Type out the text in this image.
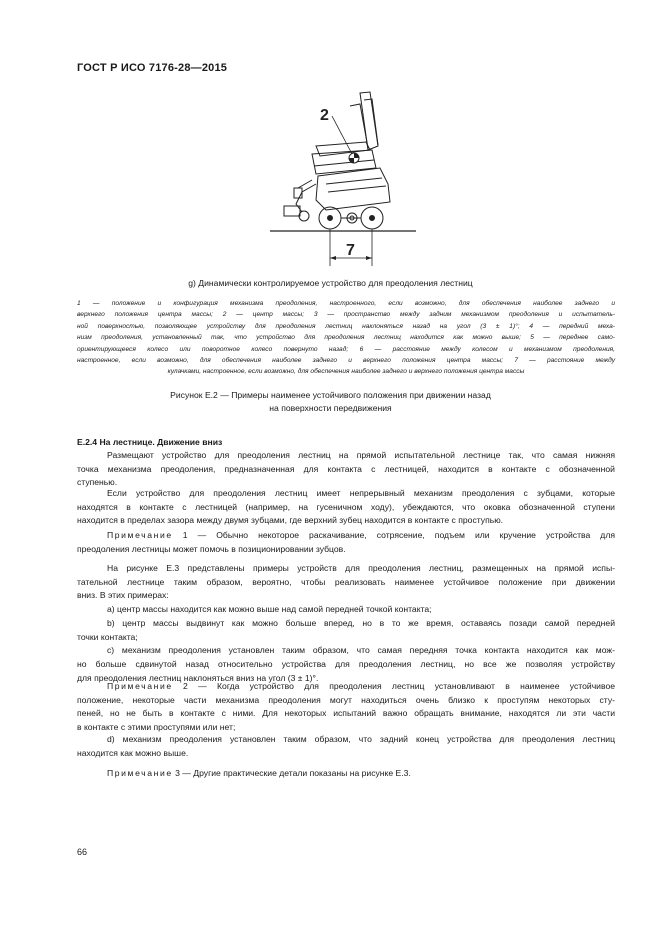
ГОСТ Р ИСО 7176-28—2015
2
7
g) Динамически контролируемое устройство для преодоления лестниц
1 — положение и конфигурация механизма преодоления, настроенного, если возможно, для обеспечения наиболее заднего и
верхнего положения центра массы; 2 — центр массы; 3 — пространство между задним механизмом преодоления и испытатель-
ной поверхностью, позволяющее устройству для преодоления лестниц наклоняться назад на угол (3 ± 1)°; 4 — передний меха-
низм преодоления, установленный так, что устройство для преодоления лестниц находится как можно выше; 5 — переднее само-
ориентирующееся колесо или поворотное колесо повернуто назад; 6 — расстояние между колесом и механизмом преодоления,
настроенное, если возможно, для обеспечения наиболее заднего и верхнего положения центра массы; 7 — расстояние между
кулачками, настроенное, если возможно, для обеспечения наиболее заднего и верхнего положения центра массы
Рисунок Е.2 — Примеры наименее устойчивого положения при движении назад
на поверхности передвижения
Е.2.4 На лестнице. Движение вниз
Размещают устройство для преодоления лестниц на прямой испытательной лестнице так, что самая нижняя
точка механизма преодоления, предназначенная для контакта с лестницей, находится в контакте с обозначенной
ступенью.
Если устройство для преодоления лестниц имеет непрерывный механизм преодоления с зубцами, которые
находятся в контакте с лестницей (например, на гусеничном ходу), убеждаются, что оковка обозначенной ступени
находится в пределах зазора между двумя зубцами, где верхний зубец находится в контакте с проступью.
Примечание 1 — Обычно некоторое раскачивание, сотрясение, подъем или кручение устройства для
преодоления лестницы может помочь в позиционировании зубцов.
На рисунке Е.3 представлены примеры устройств для преодоления лестниц, размещенных на прямой испы-
тательной лестнице таким образом, вероятно, чтобы реализовать наименее устойчивое положение при движении
вниз. В этих примерах:
а) центр массы находится как можно выше над самой передней точкой контакта;
b) центр массы выдвинут как можно больше вперед, но в то же время, оставаясь позади самой передней
точки контакта;
c) механизм преодоления установлен таким образом, что самая передняя точка контакта находится как мож-
но больше сдвинутой назад относительно устройства для преодоления лестниц, но все же позволяя устройству
для преодоления лестниц наклоняться вниз на угол (3 ± 1)°.
Примечание 2 — Когда устройство для преодоления лестниц установливают в наименее устойчивое
положение, некоторые части механизма преодоления могут находиться очень близко к проступям некоторых сту-
пеней, но не быть в контакте с ними. Для некоторых испытаний важно обращать внимание, находятся ли эти части
в контакте с этими проступями или нет;
d) механизм преодоления установлен таким образом, что задний конец устройства для преодоления лестниц
находится как можно выше.
Примечание 3 — Другие практические детали показаны на рисунке Е.3.
66
